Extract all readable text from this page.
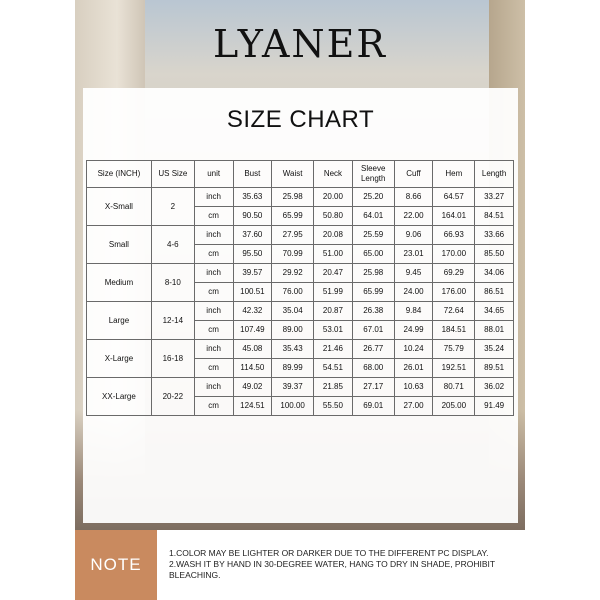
LYANER
SIZE CHART
Size (INCH)	US Size	unit	Bust	Waist	Neck	Sleeve Length	Cuff	Hem	Length
X-Small	2	inch	35.63	25.98	20.00	25.20	8.66	64.57	33.27
		cm	90.50	65.99	50.80	64.01	22.00	164.01	84.51
Small	4-6	inch	37.60	27.95	20.08	25.59	9.06	66.93	33.66
		cm	95.50	70.99	51.00	65.00	23.01	170.00	85.50
Medium	8-10	inch	39.57	29.92	20.47	25.98	9.45	69.29	34.06
		cm	100.51	76.00	51.99	65.99	24.00	176.00	86.51
Large	12-14	inch	42.32	35.04	20.87	26.38	9.84	72.64	34.65
		cm	107.49	89.00	53.01	67.01	24.99	184.51	88.01
X-Large	16-18	inch	45.08	35.43	21.46	26.77	10.24	75.79	35.24
		cm	114.50	89.99	54.51	68.00	26.01	192.51	89.51
XX-Large	20-22	inch	49.02	39.37	21.85	27.17	10.63	80.71	36.02
		cm	124.51	100.00	55.50	69.01	27.00	205.00	91.49
NOTE
1.COLOR MAY BE LIGHTER OR DARKER DUE TO THE DIFFERENT PC DISPLAY.
2.WASH IT BY HAND IN 30-DEGREE WATER, HANG TO DRY IN SHADE, PROHIBIT BLEACHING.
